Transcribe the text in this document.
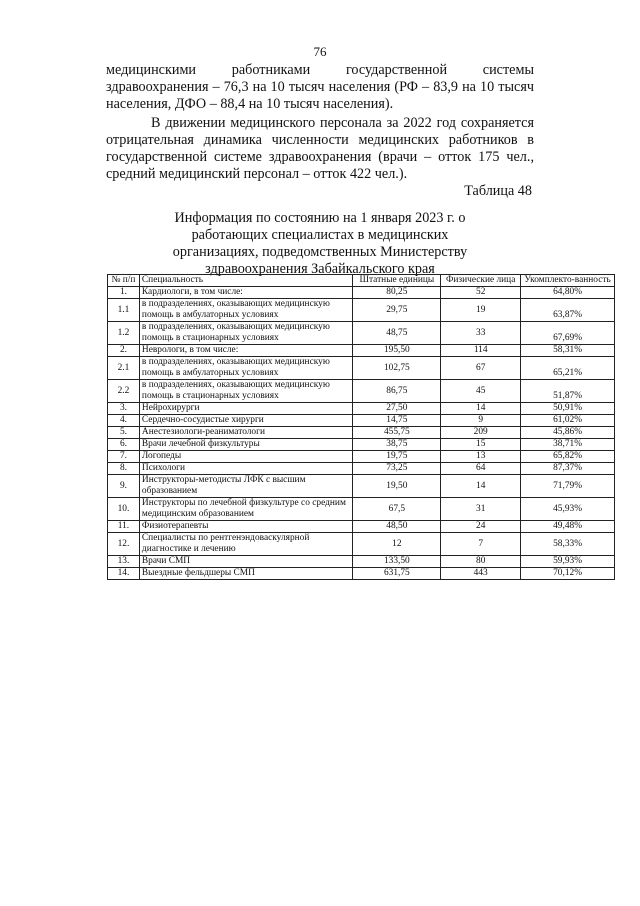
76

медицинскими работниками государственной системы здравоохранения – 76,3 на 10 тысяч населения (РФ – 83,9 на 10 тысяч населения, ДФО – 88,4 на 10 тысяч населения).

В движении медицинского персонала за 2022 год сохраняется отрицательная динамика численности медицинских работников в государственной системе здравоохранения (врачи – отток 175 чел., средний медицинский персонал – отток 422 чел.).

Таблица 48

Информация по состоянию на 1 января 2023 г. о работающих специалистах в медицинских организациях, подведомственных Министерству здравоохранения Забайкальского края

№ п/п	Специальность	Штатные единицы	Физические лица	Укомплекто-ванность
1.	Кардиологи, в том числе:	80,25	52	64,80%
1.1	в подразделениях, оказывающих медицинскую помощь в амбулаторных условиях	29,75	19	63,87%
1.2	в подразделениях, оказывающих медицинскую помощь в стационарных условиях	48,75	33	67,69%
2.	Неврологи, в том числе:	195,50	114	58,31%
2.1	в подразделениях, оказывающих медицинскую помощь в амбулаторных условиях	102,75	67	65,21%
2.2	в подразделениях, оказывающих медицинскую помощь в стационарных условиях	86,75	45	51,87%
3.	Нейрохирурги	27,50	14	50,91%
4.	Сердечно-сосудистые хирурги	14,75	9	61,02%
5.	Анестезиологи-реаниматологи	455,75	209	45,86%
6.	Врачи лечебной физкультуры	38,75	15	38,71%
7.	Логопеды	19,75	13	65,82%
8.	Психологи	73,25	64	87,37%
9.	Инструкторы-методисты ЛФК с высшим образованием	19,50	14	71,79%
10.	Инструкторы по лечебной физкультуре со средним медицинским образованием	67,5	31	45,93%
11.	Физиотерапевты	48,50	24	49,48%
12.	Специалисты по рентгенэндоваскулярной диагностике и лечению	12	7	58,33%
13.	Врачи СМП	133,50	80	59,93%
14.	Выездные фельдшеры СМП	631,75	443	70,12%
